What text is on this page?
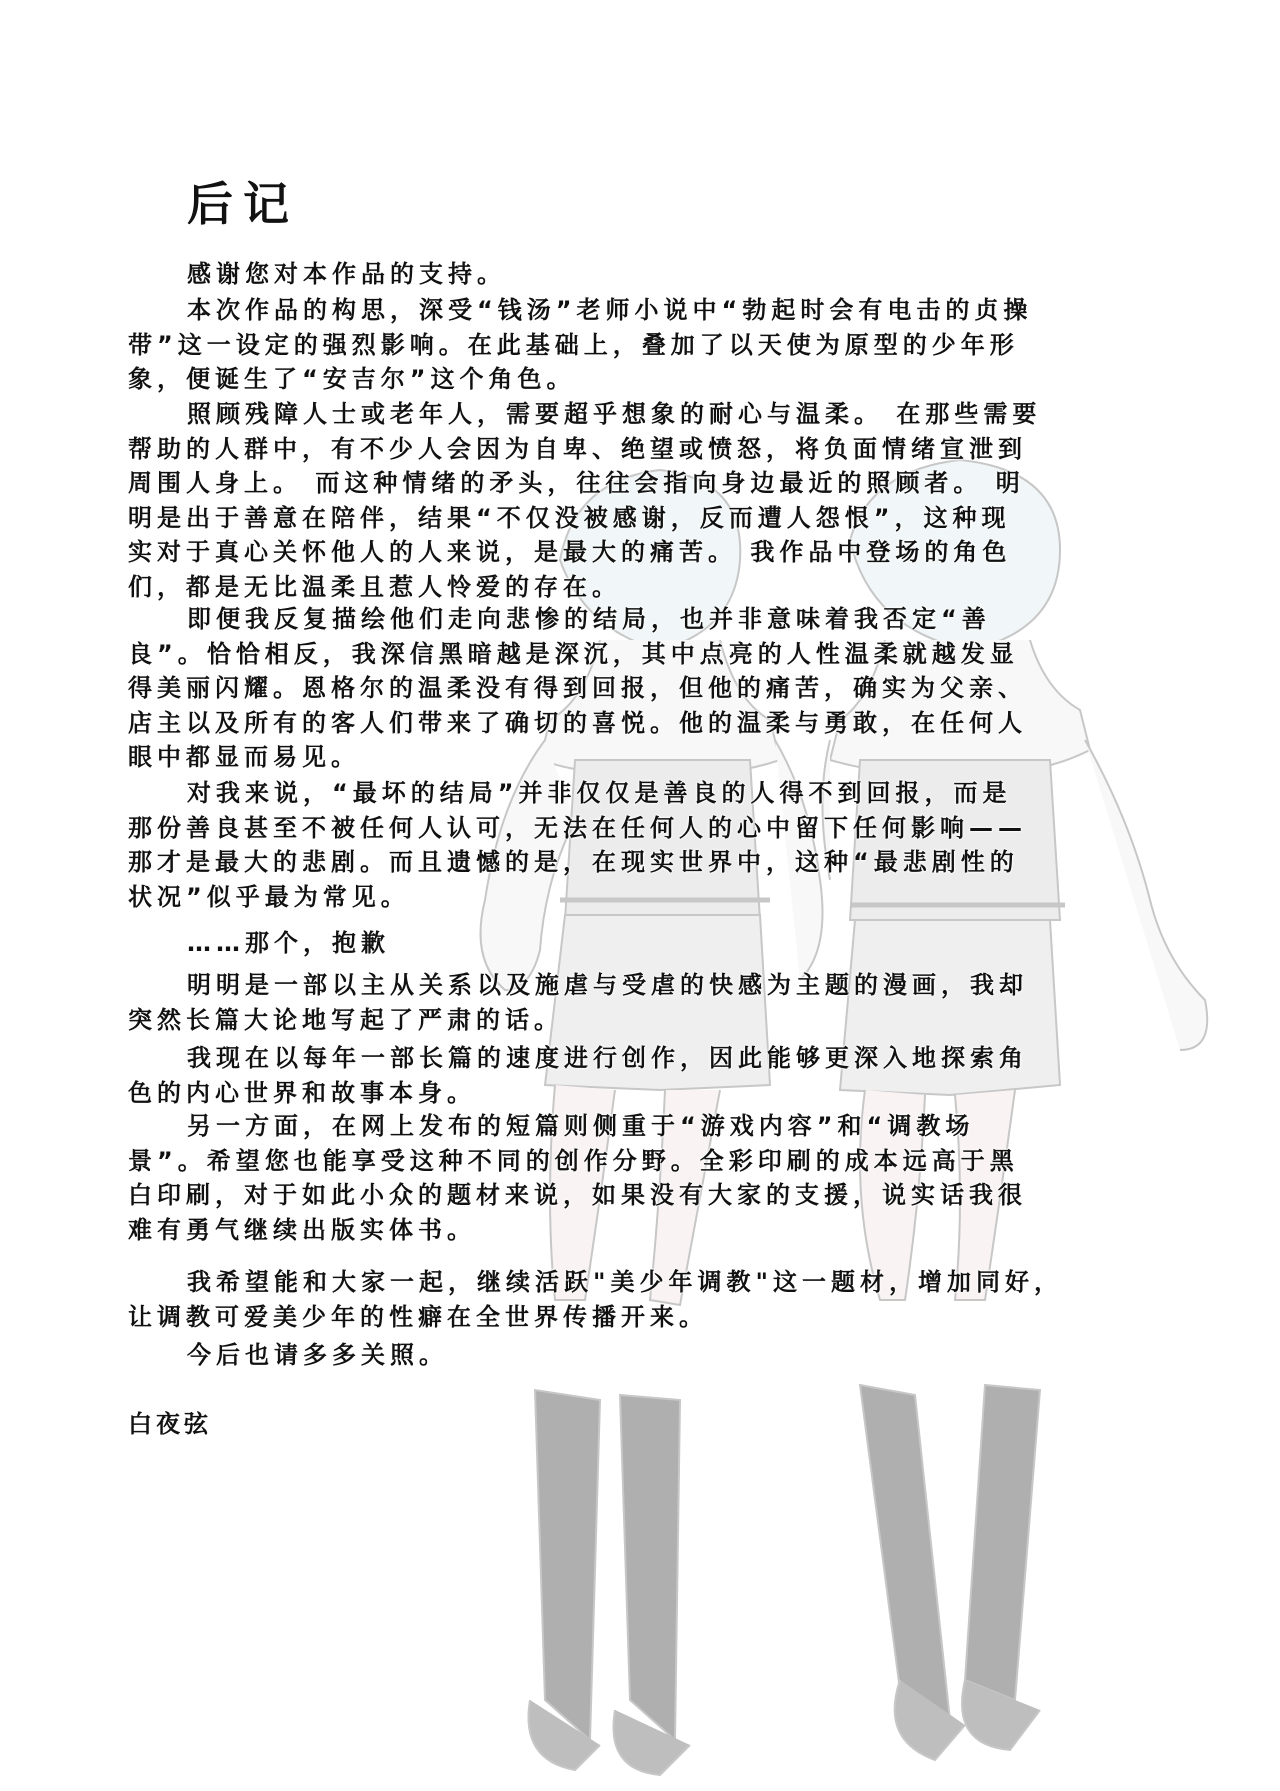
后记

感谢您对本作品的支持。

本次作品的构思，深受“钱汤”老师小说中“勃起时会有电击的贞操
带”这一设定的强烈影响。在此基础上，叠加了以天使为原型的少年形
象，便诞生了“安吉尔”这个角色。

照顾残障人士或老年人，需要超乎想象的耐心与温柔。 在那些需要
帮助的人群中，有不少人会因为自卑、绝望或愤怒，将负面情绪宣泄到
周围人身上。 而这种情绪的矛头，往往会指向身边最近的照顾者。 明
明是出于善意在陪伴，结果“不仅没被感谢，反而遭人怨恨”，这种现
实对于真心关怀他人的人来说，是最大的痛苦。 我作品中登场的角色
们，都是无比温柔且惹人怜爱的存在。

即便我反复描绘他们走向悲惨的结局，也并非意味着我否定“善
良”。恰恰相反，我深信黑暗越是深沉，其中点亮的人性温柔就越发显
得美丽闪耀。恩格尔的温柔没有得到回报，但他的痛苦，确实为父亲、
店主以及所有的客人们带来了确切的喜悦。他的温柔与勇敢，在任何人
眼中都显而易见。

对我来说，“最坏的结局”并非仅仅是善良的人得不到回报，而是
那份善良甚至不被任何人认可，无法在任何人的心中留下任何影响——
那才是最大的悲剧。而且遗憾的是，在现实世界中，这种“最悲剧性的
状况”似乎最为常见。

……那个，抱歉

明明是一部以主从关系以及施虐与受虐的快感为主题的漫画，我却
突然长篇大论地写起了严肃的话。

我现在以每年一部长篇的速度进行创作，因此能够更深入地探索角
色的内心世界和故事本身。

另一方面，在网上发布的短篇则侧重于“游戏内容”和“调教场
景”。希望您也能享受这种不同的创作分野。全彩印刷的成本远高于黑
白印刷，对于如此小众的题材来说，如果没有大家的支援，说实话我很
难有勇气继续出版实体书。

我希望能和大家一起，继续活跃"美少年调教"这一题材，增加同好，
让调教可爱美少年的性癖在全世界传播开来。

今后也请多多关照。

白夜弦
